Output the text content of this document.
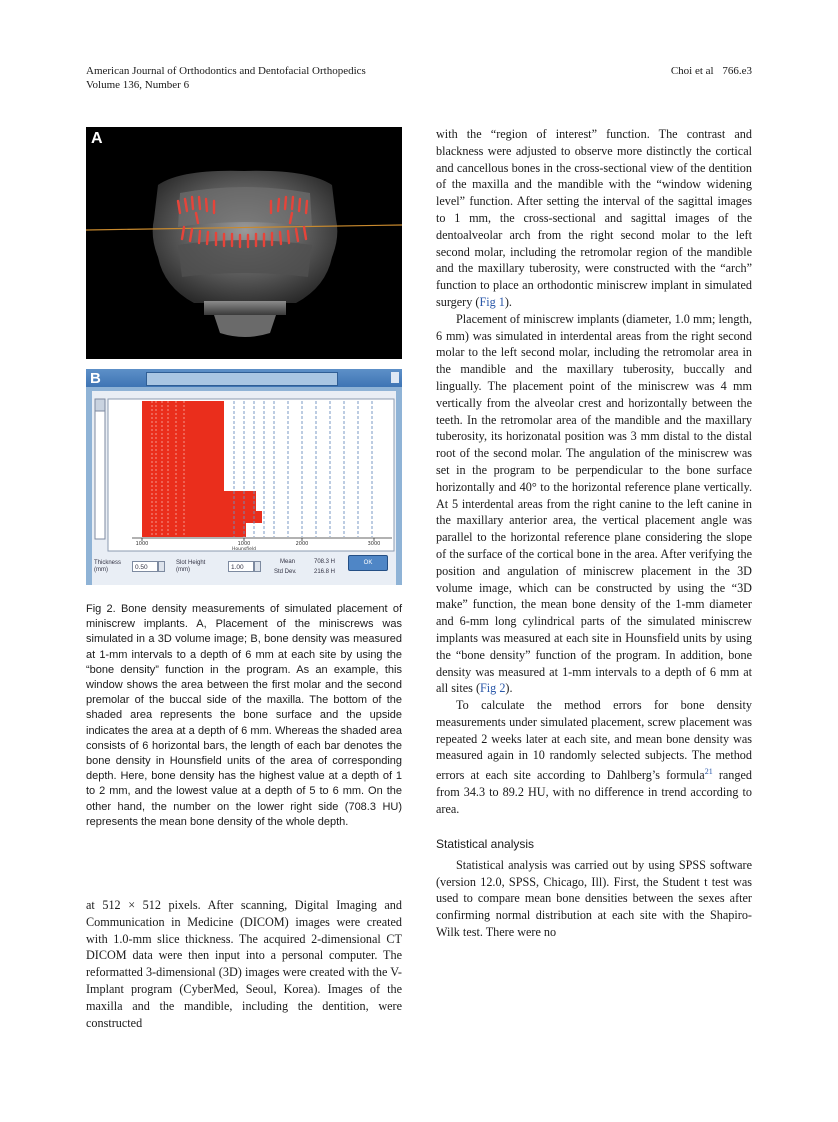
American Journal of Orthodontics and Dentofacial Orthopedics
Volume 136, Number 6
Choi et al 766.e3
A
B
1000	1000	2000	3000
Hounsfield
Thickness (mm)	0.50
Slot Height (mm)	1.00
Mean	708.3 H
Std Dev.	216.8 H
OK
Fig 2. Bone density measurements of simulated placement of miniscrew implants. A, Placement of the miniscrews was simulated in a 3D volume image; B, bone density was measured at 1-mm intervals to a depth of 6 mm at each site by using the “bone density” function in the program. As an example, this window shows the area between the first molar and the second premolar of the buccal side of the maxilla. The bottom of the shaded area represents the bone surface and the upside indicates the area at a depth of 6 mm. Whereas the shaded area consists of 6 horizontal bars, the length of each bar denotes the bone density in Hounsfield units of the area of corresponding depth. Here, bone density has the highest value at a depth of 1 to 2 mm, and the lowest value at a depth of 5 to 6 mm. On the other hand, the number on the lower right side (708.3 HU) represents the mean bone density of the whole depth.

at 512 × 512 pixels. After scanning, Digital Imaging and Communication in Medicine (DICOM) images were created with 1.0-mm slice thickness. The acquired 2-dimensional CT DICOM data were then input into a personal computer. The reformatted 3-dimensional (3D) images were created with the V-Implant program (CyberMed, Seoul, Korea). Images of the maxilla and the mandible, including the dentition, were constructed

with the “region of interest” function. The contrast and blackness were adjusted to observe more distinctly the cortical and cancellous bones in the cross-sectional view of the dentition of the maxilla and the mandible with the “window widening level” function. After setting the interval of the sagittal images to 1 mm, the cross-sectional and sagittal images of the dentoalveolar arch from the right second molar to the left second molar, including the retromolar region of the mandible and the maxillary tuberosity, were constructed with the “arch” function to place an orthodontic miniscrew implant in simulated surgery (Fig 1).

Placement of miniscrew implants (diameter, 1.0 mm; length, 6 mm) was simulated in interdental areas from the right second molar to the left second molar, including the retromolar area in the mandible and the maxillary tuberosity, buccally and lingually. The placement point of the miniscrew was 4 mm vertically from the alveolar crest and horizontally between the teeth. In the retromolar area of the mandible and the maxillary tuberosity, its horizonatal position was 3 mm distal to the distal root of the second molar. The angulation of the miniscrew was set in the program to be perpendicular to the bone surface horizontally and 40° to the horizontal reference plane vertically. At 5 interdental areas from the right canine to the left canine in the maxillary anterior area, the vertical placement angle was parallel to the horizontal reference plane considering the slope of the surface of the cortical bone in the area. After verifying the position and angulation of miniscrew placement in the 3D volume image, which can be constructed by using the “3D make” function, the mean bone density of the 1-mm diameter and 6-mm long cylindrical parts of the simulated miniscrew implants was measured at each site in Hounsfield units by using the “bone density” function of the program. In addition, bone density was measured at 1-mm intervals to a depth of 6 mm at all sites (Fig 2).

To calculate the method errors for bone density measurements under simulated placement, screw placement was repeated 2 weeks later at each site, and mean bone density was measured again in 10 randomly selected subjects. The method errors at each site according to Dahlberg’s formula$^{21}$ ranged from 34.3 to 89.2 HU, with no difference in trend according to area.

Statistical analysis

Statistical analysis was carried out by using SPSS software (version 12.0, SPSS, Chicago, Ill). First, the Student t test was used to compare mean bone densities between the sexes after confirming normal distribution at each site with the Shapiro-Wilk test. There were no
